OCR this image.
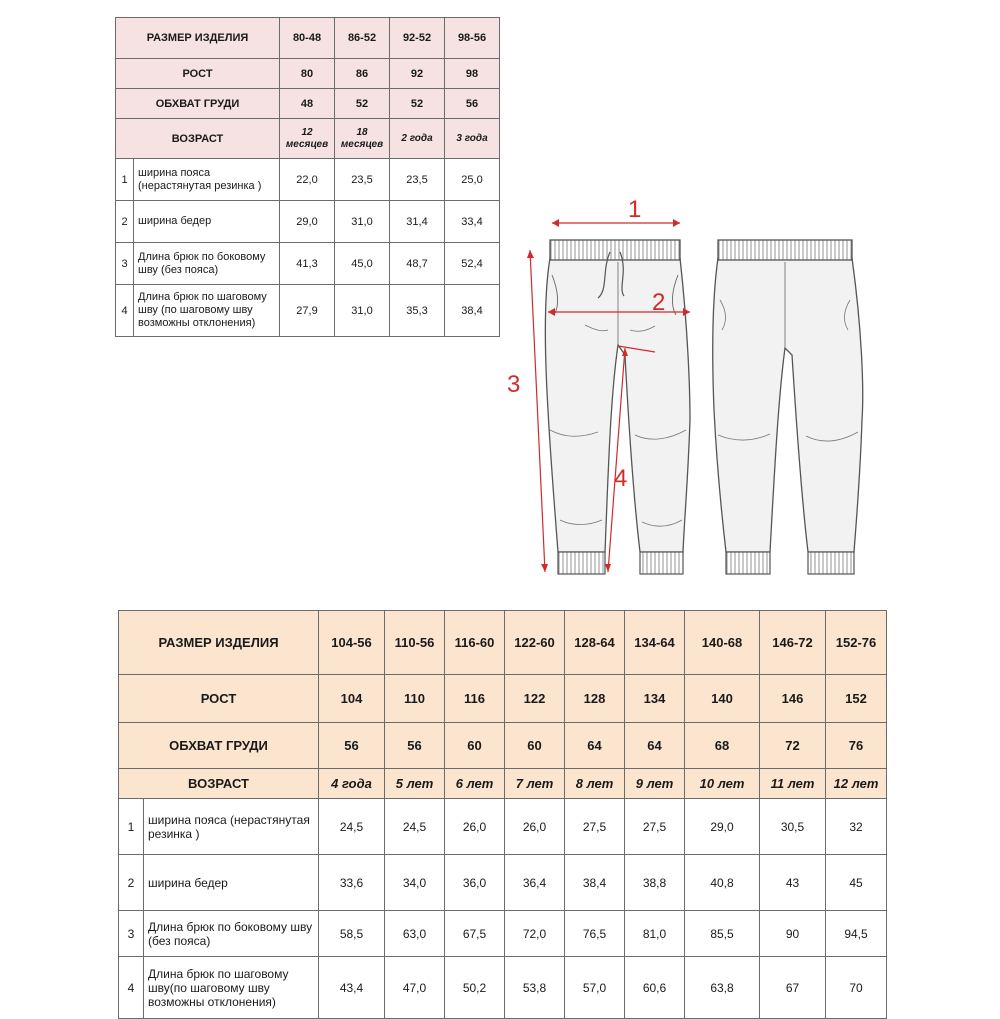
РАЗМЕР ИЗДЕЛИЯ		80-48	86-52	92-52	98-56
РОСТ		80	86	92	98
ОБХВАТ ГРУДИ		48	52	52	56
ВОЗРАСТ		12 месяцев	18 месяцев	2 года	3 года
1	ширина пояса (нерастянутая резинка )	22,0	23,5	23,5	25,0
2	ширина бедер	29,0	31,0	31,4	33,4
3	Длина брюк по боковому шву (без пояса)	41,3	45,0	48,7	52,4
4	Длина брюк по шаговому шву (по шаговому шву возможны отклонения)	27,9	31,0	35,3	38,4
1
2
3
4
РАЗМЕР ИЗДЕЛИЯ		104-56	110-56	116-60	122-60	128-64	134-64	140-68	146-72	152-76
РОСТ		104	110	116	122	128	134	140	146	152
ОБХВАТ ГРУДИ		56	56	60	60	64	64	68	72	76
ВОЗРАСТ		4 года	5 лет	6 лет	7 лет	8 лет	9 лет	10 лет	11 лет	12 лет
1	ширина пояса (нерастянутая резинка )	24,5	24,5	26,0	26,0	27,5	27,5	29,0	30,5	32
2	ширина бедер	33,6	34,0	36,0	36,4	38,4	38,8	40,8	43	45
3	Длина брюк по боковому шву (без пояса)	58,5	63,0	67,5	72,0	76,5	81,0	85,5	90	94,5
4	Длина брюк по шаговому шву(по шаговому шву возможны отклонения)	43,4	47,0	50,2	53,8	57,0	60,6	63,8	67	70
